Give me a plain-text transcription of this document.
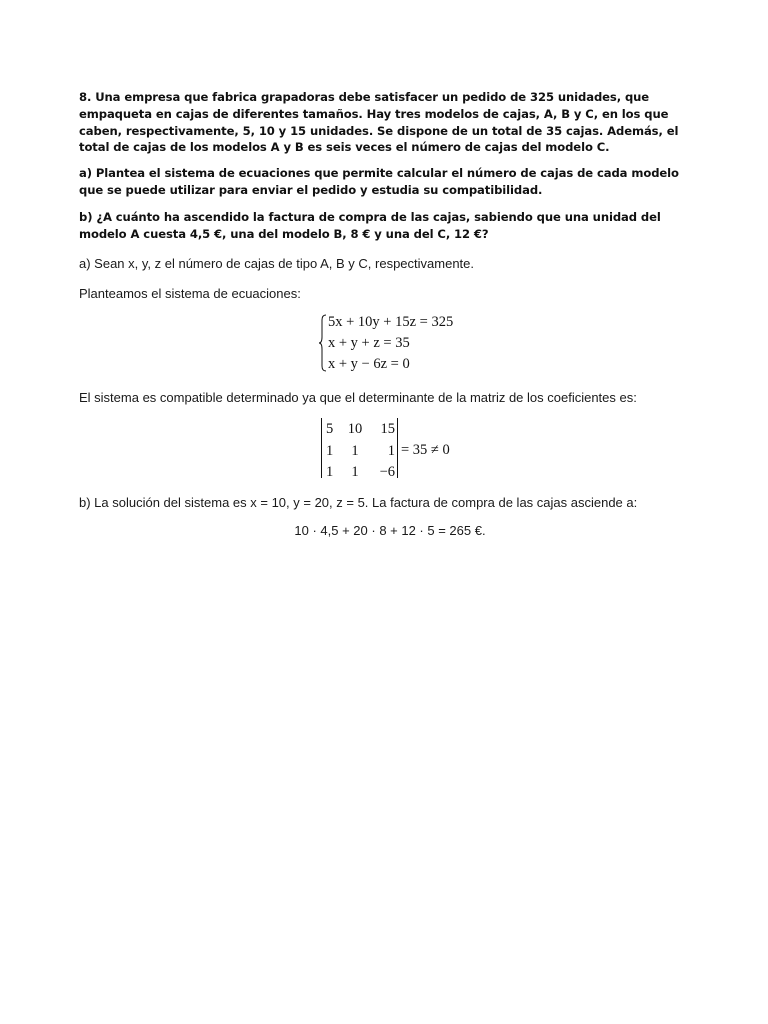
8. Una empresa que fabrica grapadoras debe satisfacer un pedido de 325 unidades, que empaqueta en cajas de diferentes tamaños. Hay tres modelos de cajas, A, B y C, en los que caben, respectivamente, 5, 10 y 15 unidades. Se dispone de un total de 35 cajas. Además, el total de cajas de los modelos A y B es seis veces el número de cajas del modelo C.

a) Plantea el sistema de ecuaciones que permite calcular el número de cajas de cada modelo que se puede utilizar para enviar el pedido y estudia su compatibilidad.

b) ¿A cuánto ha ascendido la factura de compra de las cajas, sabiendo que una unidad del modelo A cuesta 4,5 €, una del modelo B, 8 € y una del C, 12 €?

a) Sean x, y, z el número de cajas de tipo A, B y C, respectivamente.

Planteamos el sistema de ecuaciones:

5x + 10y + 15z = 325
x + y + z = 35
x + y − 6z = 0

El sistema es compatible determinado ya que el determinante de la matriz de los coeficientes es:

5 10	15
1	1	1
1	1	−6
= 35 ≠ 0

b) La solución del sistema es x = 10, y = 20, z = 5. La factura de compra de las cajas asciende a:

10 · 4,5 + 20 · 8 + 12 · 5 = 265 €.
